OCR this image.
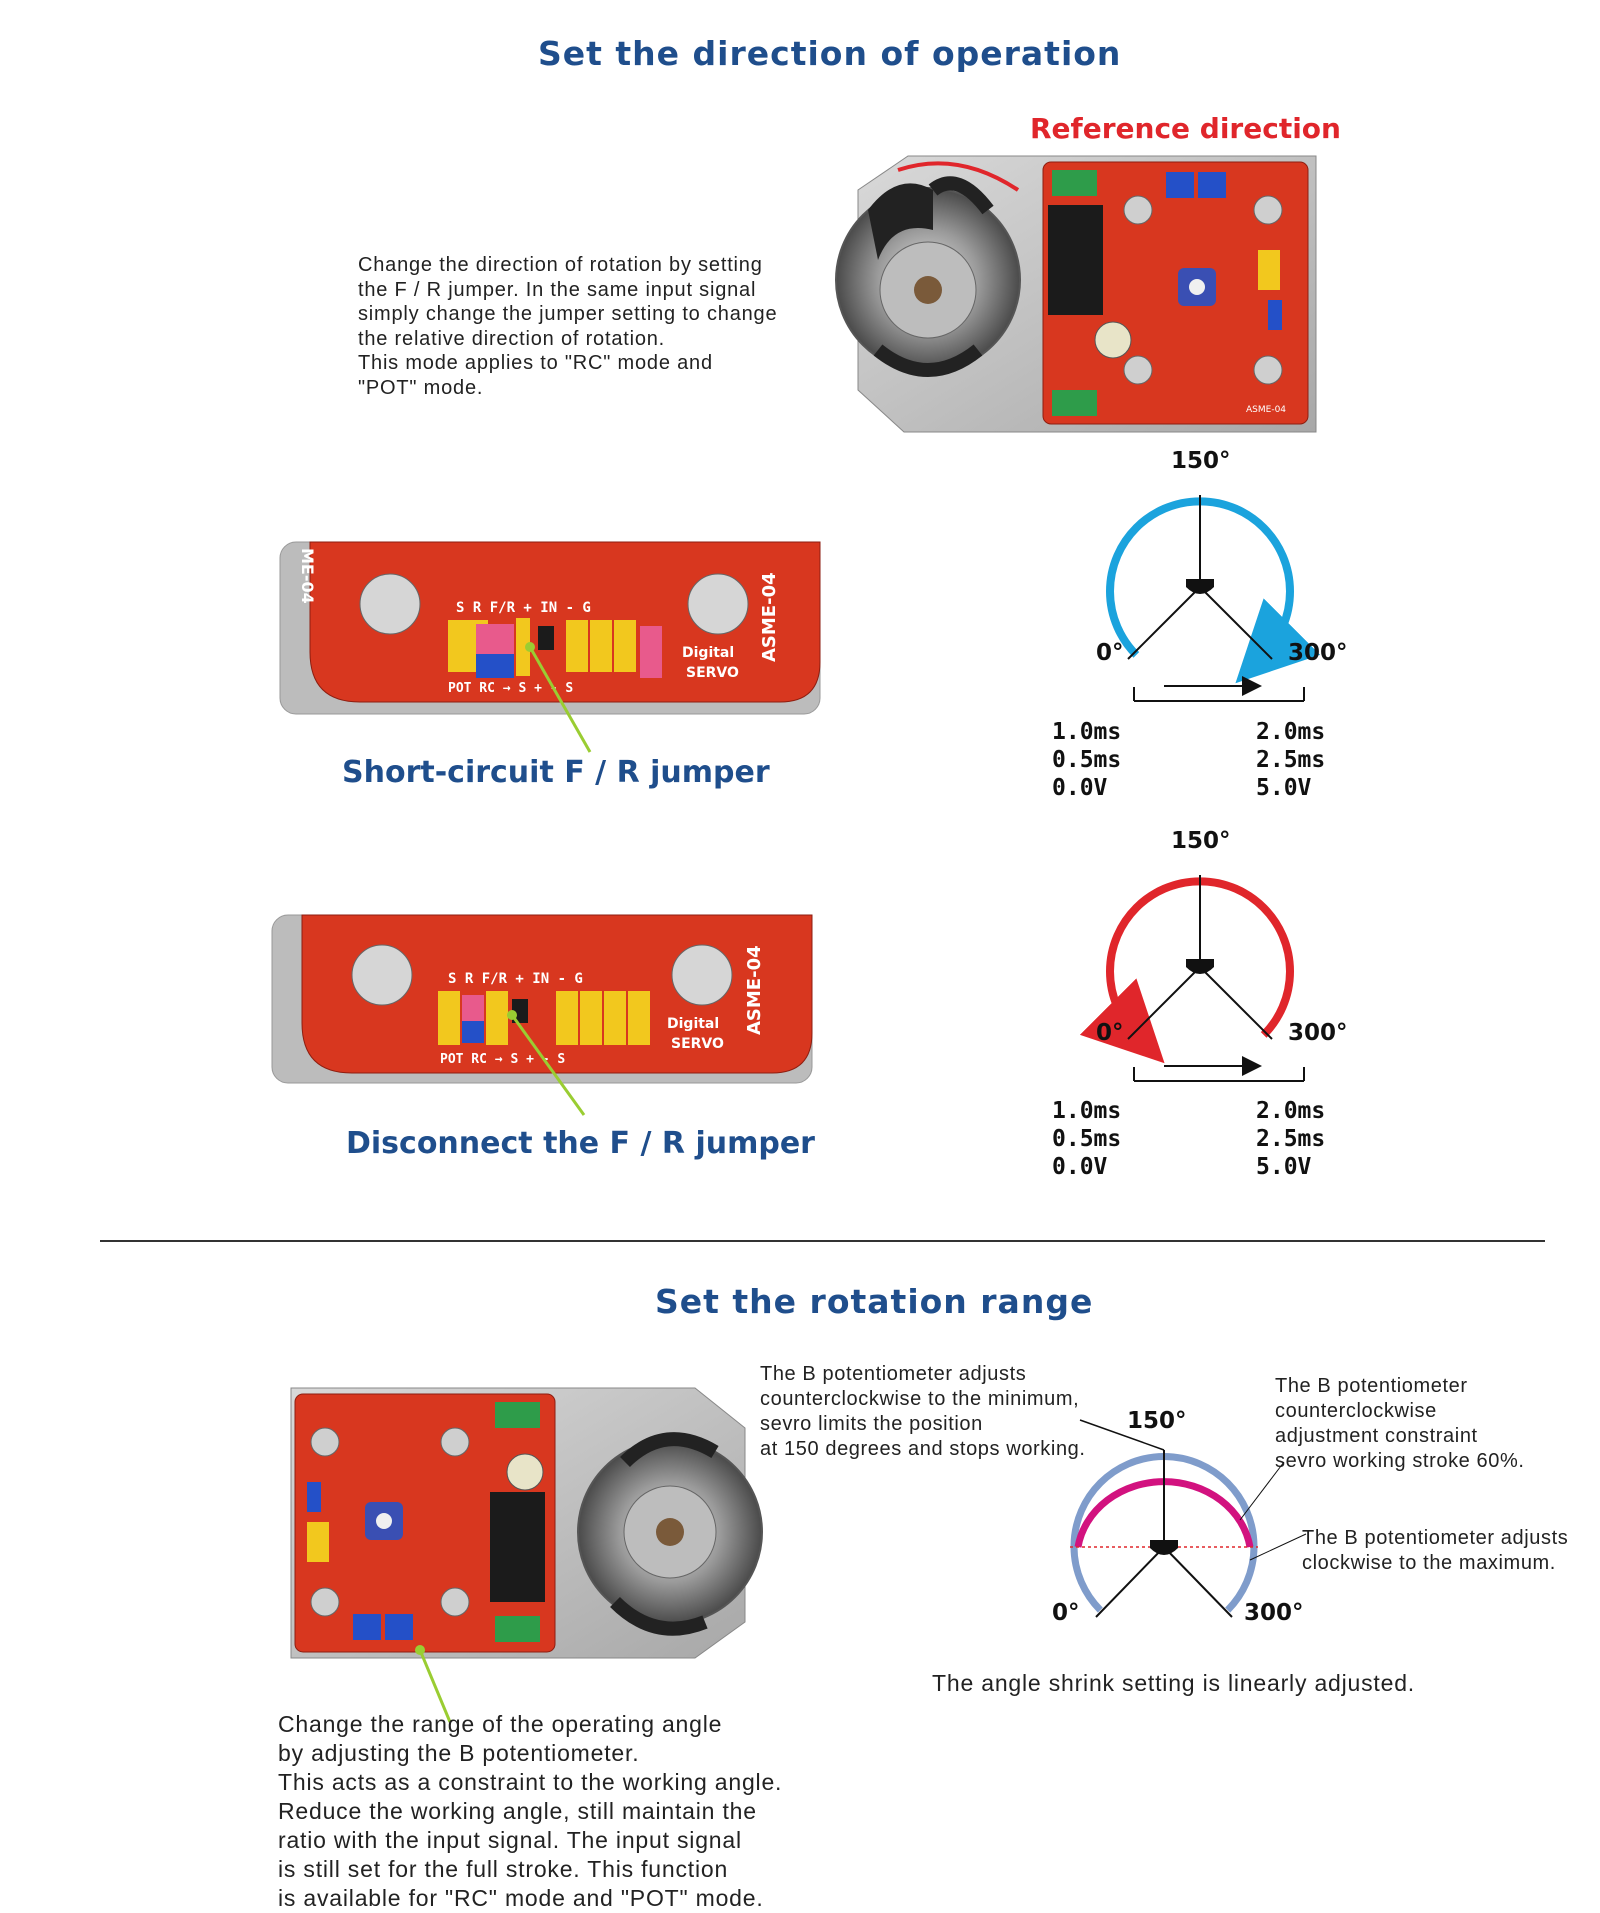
Set the direction of operation
Reference direction
Change the direction of rotation by setting
the F / R jumper. In the same input signal
simply change the jumper setting to change
the relative direction of rotation.
This mode applies to "RC" mode and
"POT" mode.
ASME-04
150°
0°	300°
1.0ms
0.5ms
0.0V
2.0ms
2.5ms
5.0V
S R F/R + IN - G
POT RC → S + - S
Digital
SERVO
ASME-04
ME-04
Short-circuit F / R jumper
150°
0°	300°
1.0ms
0.5ms
0.0V
2.0ms
2.5ms
5.0V
S R F/R + IN - G
POT RC → S + - S
Digital
SERVO
ASME-04
Disconnect the F / R jumper
Set the rotation range
The B potentiometer adjusts
counterclockwise to the minimum,
sevro limits the position
at 150 degrees and stops working.
The B potentiometer
counterclockwise
adjustment constraint
sevro working stroke 60%.
The B potentiometer adjusts
clockwise to the maximum.
150°
0°	300°
The angle shrink setting is linearly adjusted.
Change the range of the operating angle
by adjusting the B potentiometer.
This acts as a constraint to the working angle.
Reduce the working angle, still maintain the
ratio with the input signal. The input signal
is still set for the full stroke. This function
is available for "RC" mode and "POT" mode.
